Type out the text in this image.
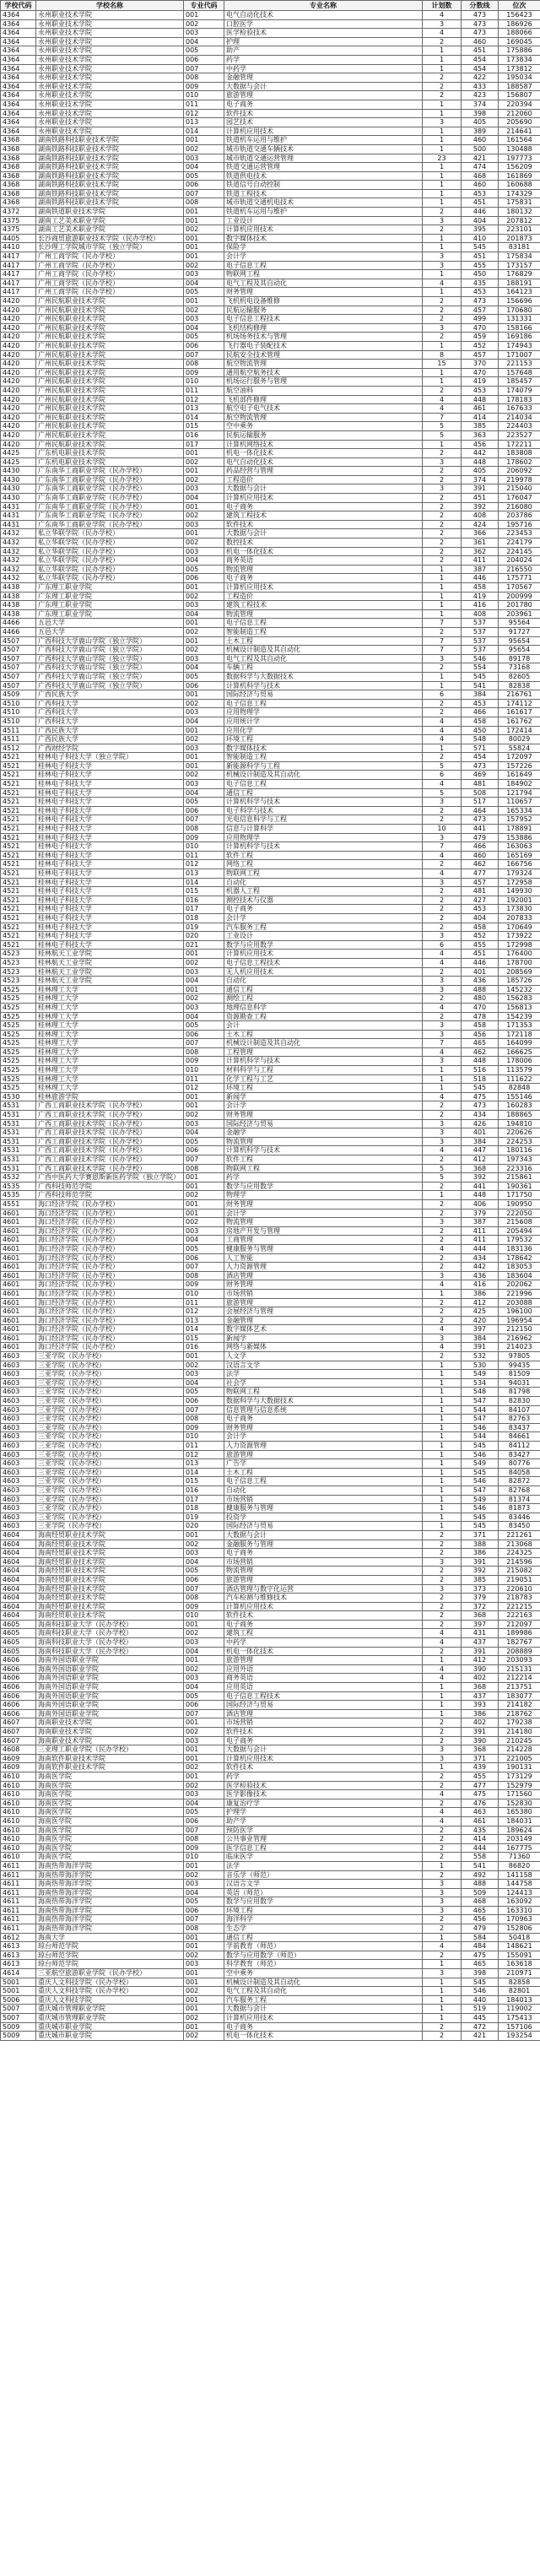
学校代码	学校名称	专业代码	专业名称	计划数	分数线	位次
4364	永州职业技术学院	001	电气自动化技术	4	473	156423
4364	永州职业技术学院	002	口腔医学	3	473	186926
4364	永州职业技术学院	003	医学检验技术	4	473	188066
4364	永州职业技术学院	004	护理	2	460	169045
4364	永州职业技术学院	005	助产	1	451	175886
4364	永州职业技术学院	006	药学	1	454	173834
4364	永州职业技术学院	007	中药学	1	454	173812
4364	永州职业技术学院	008	金融管理	2	422	195034
4364	永州职业技术学院	009	大数据与会计	2	433	188587
4364	永州职业技术学院	010	旅游管理	2	423	156807
4364	永州职业技术学院	011	电子商务	1	374	220394
4364	永州职业技术学院	012	软件技术	1	398	212060
4364	永州职业技术学院	013	园艺技术	3	405	205690
4364	永州职业技术学院	014	计算机应用技术	1	389	214641
4368	湖南铁路科技职业技术学院	001	铁道机车运用与维护	1	460	161564
4368	湖南铁路科技职业技术学院	002	城市轨道交通车辆技术	1	500	130488
4368	湖南铁路科技职业技术学院	003	城市轨道交通运营管理	23	421	197773
4368	湖南铁路科技职业技术学院	004	铁道交通运营管理	1	474	156209
4368	湖南铁路科技职业技术学院	005	铁道供电技术	1	468	161869
4368	湖南铁路科技职业技术学院	006	铁道信号自动控制	1	460	160688
4368	湖南铁路科技职业技术学院	007	铁道工程技术	1	453	174329
4368	湖南铁路科技职业技术学院	008	城市轨道交通机电技术	1	451	175831
4372	湖南铁道职业技术学院	001	铁道机车运用与维护	2	446	180132
4375	湖南工艺美术职业学院	001	工业设计	3	404	207812
4375	湖南工艺美术职业学院	002	计算机应用技术	2	395	223101
4405	长沙商贸旅游职业技术学院（民办学校）	001	数字媒体技术	1	410	201873
4410	长沙理工学院城市学院（独立学院）	001	保险学	1	545	83181
4417	广州工商学院（民办学校）	001	会计学	3	451	175834
4417	广州工商学院（民办学校）	002	电子信息工程	3	455	173157
4417	广州工商学院（民办学校）	003	物联网工程	1	450	176829
4417	广州工商学院（民办学校）	004	电气工程及其自动化	4	435	188191
4417	广州工商学院（民办学校）	005	财务管理	1	453	164123
4420	广州民航职业技术学院	001	飞机机电设备维修	2	473	156696
4420	广州民航职业技术学院	002	民航运输服务	2	457	170680
4420	广州民航职业技术学院	003	电子信息工程技术	2	499	131331
4420	广州民航职业技术学院	004	飞机结构修理	3	470	158166
4420	广州民航职业技术学院	005	机场场务技术与管理	2	459	169186
4420	广州民航职业技术学院	006	飞行器电子装配技术	1	452	174943
4420	广州民航职业技术学院	007	民航安全技术管理	8	457	171007
4420	广州民航职业技术学院	008	航空物流管理	15	370	221153
4420	广州民航职业技术学院	009	通用航空航务技术	1	470	157648
4420	广州民航职业技术学院	010	机场运行服务与管理	1	419	185457
4420	广州民航职业技术学院	011	航空油料	2	453	174079
4420	广州民航职业技术学院	012	飞机部件修理	4	448	178183
4420	广州民航职业技术学院	013	航空电子电气技术	4	461	167633
4420	广州民航职业技术学院	014	航空物流管理	7	414	214034
4420	广州民航职业技术学院	015	空中乘务	5	385	224403
4420	广州民航职业技术学院	016	民航运输服务	5	363	223527
4420	广州民航职业技术学院	017	计算机网络技术	1	456	172211
4425	广东机电职业技术学院	001	机电一体化技术	2	442	183808
4425	广东机电职业技术学院	002	电气自动化技术	3	448	178602
4430	广东南华工商职业学院（民办学校）	001	药品经营与管理	2	405	206092
4430	广东南华工商职业学院（民办学校）	002	工程造价	2	374	219978
4430	广东南华工商职业学院（民办学校）	003	大数据与会计	3	391	215040
4430	广东南华工商职业学院（民办学校）	004	计算机应用技术	2	451	176047
4431	广东南华工商职业学院（民办学校）	001	电子商务	2	392	216080
4431	广东南华工商职业学院（民办学校）	002	建筑工程技术	2	408	203786
4431	广东南华工商职业学院（民办学校）	003	软件技术	2	424	195716
4432	私立华联学院（民办学校）	001	大数据与会计	2	366	223453
4432	私立华联学院（民办学校）	002	数控技术	2	361	224179
4432	私立华联学院（民办学校）	003	机电一体化技术	2	362	224145
4432	私立华联学院（民办学校）	004	商务英语	2	411	204024
4432	私立华联学院（民办学校）	005	物流管理	1	387	216550
4432	私立华联学院（民办学校）	006	电子商务	1	446	175771
4438	广东理工职业学院	001	计算机应用技术	1	458	170567
4438	广东理工职业学院	002	工程造价	1	419	200999
4438	广东理工职业学院	003	建筑工程技术	1	416	201780
4438	广东理工职业学院	004	物流管理	1	408	203961
4466	五邑大学	001	电子信息工程	7	537	95564
4466	五邑大学	002	智能制造工程	2	537	91727
4507	广西科技大学鹿山学院（独立学院）	001	土木工程	7	537	95654
4507	广西科技大学鹿山学院（独立学院）	002	机械设计制造及其自动化	7	537	95654
4507	广西科技大学鹿山学院（独立学院）	003	电气工程及其自动化	3	546	89178
4507	广西科技大学鹿山学院（独立学院）	004	车辆工程	2	554	73168
4507	广西科技大学鹿山学院（独立学院）	005	数据科学与大数据技术	1	545	82605
4507	广西科技大学鹿山学院（独立学院）	006	计算机科学与技术	1	541	82838
4509	广西民族大学	001	国际经济与贸易	6	384	216761
4510	广西科技大学	002	电子信息工程	2	453	174112
4510	广西科技大学	003	应用物理学	2	466	161617
4510	广西科技大学	004	应用统计学	4	458	161762
4511	广西民族大学	001	应用化学	4	450	172414
4511	广西民族大学	002	环境工程	4	548	80029
4512	广西财经学院	003	数字媒体技术	1	571	55824
4521	桂林电子科技大学（独立学院）	001	智能制造工程	2	454	172097
4521	桂林电子科技大学	001	新能源科学与工程	5	473	157226
4521	桂林电子科技大学	002	机械设计制造及其自动化	6	469	161649
4521	桂林电子科技大学	003	电子信息工程	4	481	184902
4521	桂林电子科技大学	004	通信工程	5	508	121794
4521	桂林电子科技大学	005	计算机科学与技术	3	517	110657
4521	桂林电子科技大学	006	电子科学与技术	2	464	165334
4521	桂林电子科技大学	007	光电信息科学与工程	2	473	157952
4521	桂林电子科技大学	008	信息与计算科学	10	441	178891
4521	桂林电子科技大学	009	应用物理学	3	479	153886
4521	桂林电子科技大学	010	计算机科学与技术	7	466	163063
4521	桂林电子科技大学	011	软件工程	4	460	165169
4521	桂林电子科技大学	012	网络工程	2	462	166756
4521	桂林电子科技大学	013	物联网工程	4	477	179324
4521	桂林电子科技大学	014	自动化	3	457	172958
4521	桂林电子科技大学	015	机器人工程	2	481	149930
4521	桂林电子科技大学	016	测控技术与仪器	2	427	192001
4521	桂林电子科技大学	017	电子商务	2	453	173830
4521	桂林电子科技大学	018	会计学	2	404	207833
4521	桂林电子科技大学	019	汽车服务工程	2	458	170649
4521	桂林电子科技大学	020	工业设计	3	452	173922
4521	桂林电子科技大学	021	数学与应用数学	6	455	172998
4523	桂林航天工业学院	001	计算机应用技术	4	451	176400
4523	桂林航天工业学院	002	电子信息工程技术	4	446	178700
4523	桂林航天工业学院	003	无人机应用技术	2	401	208569
4523	桂林航天工业学院	004	自动化	3	436	185726
4525	桂林理工大学	001	通信工程	3	488	145232
4525	桂林理工大学	002	测绘工程	2	480	156283
4525	桂林理工大学	003	地理信息科学	4	470	156813
4525	桂林理工大学	004	资源勘查工程	2	478	154239
4525	桂林理工大学	005	会计	3	458	171353
4525	桂林理工大学	006	土木工程	3	456	172118
4525	桂林理工大学	007	机械设计制造及其自动化	7	465	164099
4525	桂林理工大学	008	工程管理	4	462	166625
4525	桂林理工大学	009	计算机科学与技术	3	448	178006
4525	桂林理工大学	010	材料科学与工程	1	516	113579
4525	桂林理工大学	011	化学工程与工艺	1	518	111622
4525	桂林理工大学	012	环境工程	1	545	82848
4530	桂林旅游学院	001	新闻学	4	475	155146
4531	广西工商职业技术学院（民办学校）	001	会计学	2	473	160283
4531	广西工商职业技术学院（民办学校）	002	财务管理	2	434	188865
4531	广西工商职业技术学院（民办学校）	003	国际经济与贸易	3	426	194810
4531	广西工商职业技术学院（民办学校）	004	金融学	3	401	220626
4531	广西工商职业技术学院（民办学校）	005	物流管理	3	384	224253
4531	广西工商职业技术学院（民办学校）	006	计算机科学与技术	4	447	180116
4531	广西工商职业技术学院（民办学校）	007	软件工程	2	412	197343
4531	广西工商职业技术学院（民办学校）	008	物联网工程	5	368	223316
4532	广西中医药大学赛恩斯新医药学院（独立学院）	001	药学	5	392	215861
4535	广西科技师范学院	001	数学与应用数学	2	441	190361
4535	广西科技师范学院	002	物理学	1	448	171750
4551	海口经济学院（民办学校）	001	财务管理	2	406	190950
4601	海口经济学院（民办学校）	001	会计学	2	379	222050
4601	海口经济学院（民办学校）	002	物流管理	3	387	215608
4601	海口经济学院（民办学校）	003	房地产开发与管理	2	411	205494
4601	海口经济学院（民办学校）	004	工商管理	2	411	179532
4601	海口经济学院（民办学校）	005	健康服务与管理	4	444	183136
4601	海口经济学院（民办学校）	006	人工智能	2	434	178642
4601	海口经济学院（民办学校）	007	人力资源管理	2	442	183053
4601	海口经济学院（民办学校）	008	酒店管理	3	436	183604
4601	海口经济学院（民办学校）	009	财务管理	4	416	202062
4601	海口经济学院（民办学校）	010	市场营销	1	386	221996
4601	海口经济学院（民办学校）	011	旅游管理	2	412	203088
4601	海口经济学院（民办学校）	012	会展经济与管理	2	425	196100
4601	海口经济学院（民办学校）	013	金融管理	2	420	196954
4601	海口经济学院（民办学校）	014	数字媒体艺术	4	397	212150
4601	海口经济学院（民办学校）	015	新闻学	3	384	216962
4601	海口经济学院（民办学校）	016	网络与新媒体	4	391	214023
4603	三亚学院（民办学校）	001	人文学	2	532	97805
4603	三亚学院（民办学校）	002	汉语言文学	1	530	99435
4603	三亚学院（民办学校）	003	法学	1	549	81509
4603	三亚学院（民办学校）	004	社会学	1	534	94031
4603	三亚学院（民办学校）	005	物联网工程	1	548	81798
4603	三亚学院（民办学校）	006	数据科学与大数据技术	1	547	82830
4603	三亚学院（民办学校）	007	信息管理与信息系统	1	544	84107
4603	三亚学院（民办学校）	008	电子商务	1	547	82763
4603	三亚学院（民办学校）	009	财务管理	1	546	83437
4603	三亚学院（民办学校）	010	会计学	1	544	84661
4603	三亚学院（民办学校）	011	人力资源管理	1	545	84112
4603	三亚学院（民办学校）	012	旅游管理	1	546	83427
4603	三亚学院（民办学校）	013	广告学	1	549	80776
4603	三亚学院（民办学校）	014	土木工程	1	545	84058
4603	三亚学院（民办学校）	015	电子信息工程	1	546	82872
4603	三亚学院（民办学校）	016	自动化	1	547	82768
4603	三亚学院（民办学校）	017	市场营销	1	549	81374
4603	三亚学院（民办学校）	018	健康服务与管理	1	546	81873
4603	三亚学院（民办学校）	019	投资学	1	545	83446
4603	三亚学院（民办学校）	020	国际经济与贸易	1	545	83450
4604	海南经贸职业技术学院	001	大数据与会计	2	371	221261
4604	海南经贸职业技术学院	002	金融服务与管理	2	388	213068
4604	海南经贸职业技术学院	003	电子商务	2	386	224325
4604	海南经贸职业技术学院	004	市场营销	3	391	214596
4604	海南经贸职业技术学院	005	物流管理	2	392	215082
4604	海南经贸职业技术学院	006	旅游管理	2	385	219051
4604	海南经贸职业技术学院	007	酒店管理与数字化运营	3	373	220610
4604	海南经贸职业技术学院	008	汽车检测与维修技术	2	379	218783
4604	海南经贸职业技术学院	009	计算机应用技术	2	372	221215
4604	海南经贸职业技术学院	010	软件技术	2	368	222163
4605	海南科技职业大学（民办学校）	001	电子商务	2	397	212097
4605	海南科技职业大学（民办学校）	002	建筑工程	4	431	189986
4605	海南科技职业大学（民办学校）	003	中药学	4	437	182767
4605	海南科技职业大学（民办学校）	004	机电一体化技术	2	391	208889
4606	海南外国语职业学院	001	旅游管理	1	412	203093
4606	海南外国语职业学院	002	应用外语	4	390	215131
4606	海南外国语职业学院	003	商务英语	4	402	212214
4606	海南外国语职业学院	004	应用英语	1	368	213751
4606	海南外国语职业学院	005	电子信息工程技术	1	437	183077
4606	海南外国语职业学院	006	国际经济与贸易	1	393	214182
4606	海南外国语职业学院	007	酒店管理	1	386	218762
4607	海南职业技术学院	001	市场营销	2	402	179238
4607	海南职业技术学院	002	软件技术	2	391	214180
4607	海南职业技术学院	003	电子商务	2	390	210245
4608	三亚理工职业学院（民办学校）	001	大数据与会计	3	368	214228
4609	海南软件职业技术学院	001	计算机应用技术	3	371	221005
4609	海南软件职业技术学院	002	软件技术	1	439	190131
4610	海南医学院	001	药学	2	455	173129
4610	海南医学院	002	医学检验技术	2	477	152979
4610	海南医学院	003	医学影像技术	4	475	171560
4610	海南医学院	004	康复治疗学	2	476	152830
4610	海南医学院	005	护理学	4	463	165380
4610	海南医学院	006	助产学	4	461	184031
4610	海南医学院	007	预防医学	2	435	189624
4610	海南医学院	008	公共事业管理	2	414	203149
4610	海南医学院	009	医学信息工程	2	444	167775
4610	海南医学院	010	临床医学	2	558	71360
4611	海南热带海洋学院	001	法学	1	541	86820
4611	海南热带海洋学院	002	音乐学（师范）	2	492	141158
4611	海南热带海洋学院	003	汉语言文学	3	488	144758
4611	海南热带海洋学院	004	英语（师范）	3	509	124413
4611	海南热带海洋学院	005	数学与应用数学	3	468	163092
4611	海南热带海洋学院	006	环境工程	3	465	163310
4611	海南热带海洋学院	007	海洋科学	2	456	170963
4611	海南热带海洋学院	008	生态学	2	479	152806
4612	海南大学	001	通信工程	1	584	50418
4613	琼台师范学院	001	学前教育（师范）	4	484	148621
4613	琼台师范学院	002	数学与应用数学（师范）	2	475	155091
4613	琼台师范学院	003	科学教育（师范）	1	465	163618
4614	三亚航空旅游职业学院（民办学校）	001	空中乘务	3	398	210971
5001	重庆人文科技学院（民办学校）	001	机械设计制造及其自动化	1	545	82858
5001	重庆人文科技学院（民办学校）	002	电气工程及其自动化	1	546	82801
5006	重庆人文科技学院	001	汽车服务工程	1	440	184013
5007	重庆城市管理职业学院	001	大数据与会计	1	519	119002
5007	重庆城市管理职业学院	002	计算机应用技术	1	445	175413
5009	重庆城市职业学院	001	电子商务	2	472	157106
5009	重庆城市职业学院	002	机电一体化技术	2	421	193254
